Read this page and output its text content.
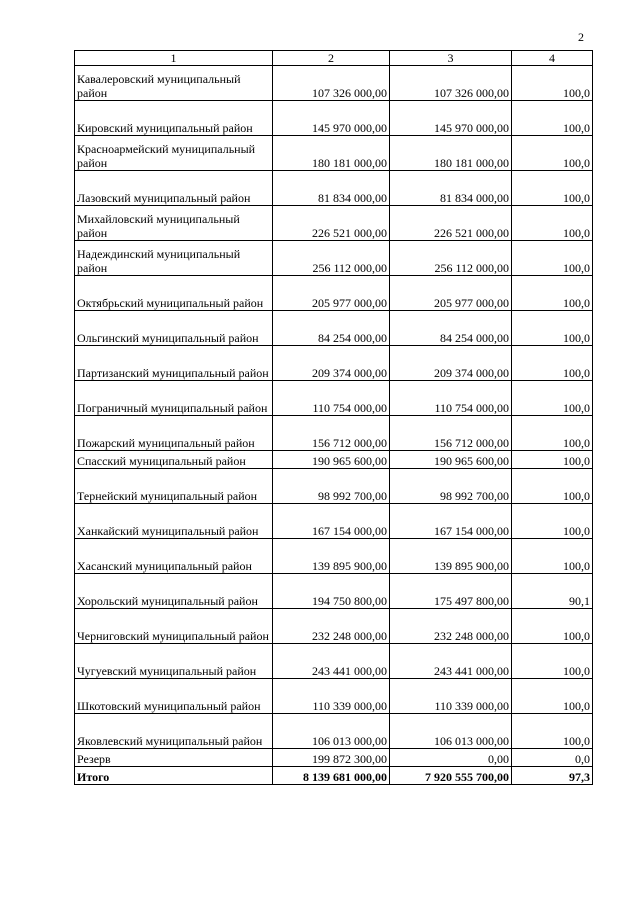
2
1	2	3	4
Кавалеровский муниципальный район	107 326 000,00	107 326 000,00	100,0
Кировский муниципальный район	145 970 000,00	145 970 000,00	100,0
Красноармейский муниципальный район	180 181 000,00	180 181 000,00	100,0
Лазовский муниципальный район	81 834 000,00	81 834 000,00	100,0
Михайловский муниципальный район	226 521 000,00	226 521 000,00	100,0
Надеждинский муниципальный район	256 112 000,00	256 112 000,00	100,0
Октябрьский муниципальный район	205 977 000,00	205 977 000,00	100,0
Ольгинский муниципальный район	84 254 000,00	84 254 000,00	100,0
Партизанский муниципальный район	209 374 000,00	209 374 000,00	100,0
Пограничный муниципальный район	110 754 000,00	110 754 000,00	100,0
Пожарский муниципальный район	156 712 000,00	156 712 000,00	100,0
Спасский муниципальный район	190 965 600,00	190 965 600,00	100,0
Тернейский муниципальный район	98 992 700,00	98 992 700,00	100,0
Ханкайский муниципальный район	167 154 000,00	167 154 000,00	100,0
Хасанский муниципальный район	139 895 900,00	139 895 900,00	100,0
Хорольский муниципальный район	194 750 800,00	175 497 800,00	90,1
Черниговский муниципальный район	232 248 000,00	232 248 000,00	100,0
Чугуевский муниципальный район	243 441 000,00	243 441 000,00	100,0
Шкотовский муниципальный район	110 339 000,00	110 339 000,00	100,0
Яковлевский муниципальный район	106 013 000,00	106 013 000,00	100,0
Резерв	199 872 300,00	0,00	0,0
Итого	8 139 681 000,00	7 920 555 700,00	97,3
